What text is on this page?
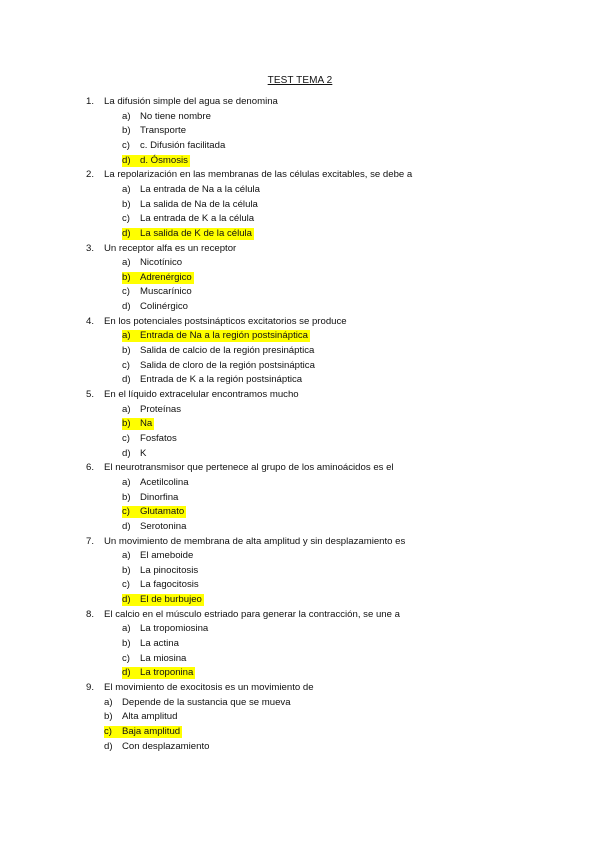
TEST TEMA 2
1. La difusión simple del agua se denomina
a) No tiene nombre
b) Transporte
c) c. Difusión facilitada
d) d. Ósmosis
2. La repolarización en las membranas de las células excitables, se debe a
a) La entrada de Na a la célula
b) La salida de Na de la célula
c) La entrada de K a la célula
d) La salida de K de la célula
3. Un receptor alfa es un receptor
a) Nicotínico
b) Adrenérgico
c) Muscarínico
d) Colinérgico
4. En los potenciales postsinápticos excitatorios se produce
a) Entrada de Na a la región postsináptica
b) Salida de calcio de la región presináptica
c) Salida de cloro de la región postsináptica
d) Entrada de K a la región postsináptica
5. En el líquido extracelular encontramos mucho
a) Proteínas
b) Na
c) Fosfatos
d) K
6. El neurotransmisor que pertenece al grupo de los aminoácidos es el
a) Acetilcolina
b) Dinorfina
c) Glutamato
d) Serotonina
7. Un movimiento de membrana de alta amplitud y sin desplazamiento es
a) El ameboide
b) La pinocitosis
c) La fagocitosis
d) El de burbujeo
8. El calcio en el músculo estriado para generar la contracción, se une a
a) La tropomiosina
b) La actina
c) La miosina
d) La troponina
9. El movimiento de exocitosis es un movimiento de
a) Depende de la sustancia que se mueva
b) Alta amplitud
c) Baja amplitud
d) Con desplazamiento
